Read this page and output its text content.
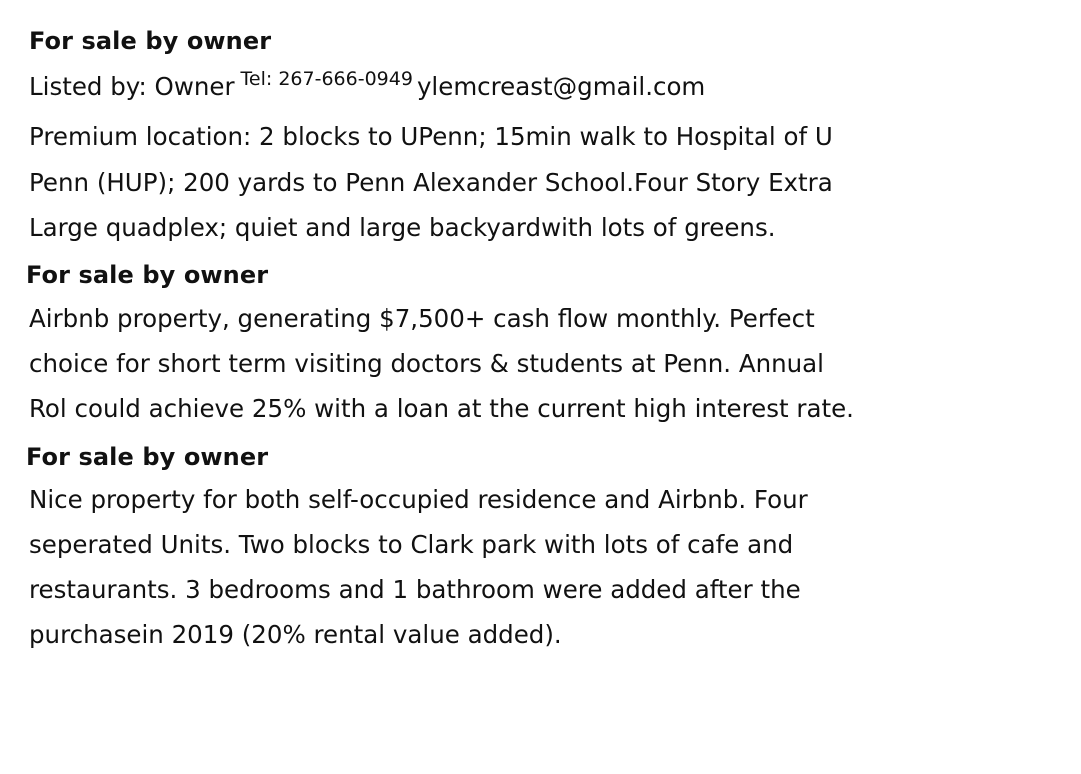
For sale by owner
Listed by: Owner Tel: 267-666-0949 ylemcreast@gmail.com
Premium location: 2 blocks to UPenn; 15min walk to Hospital of U
Penn (HUP); 200 yards to Penn Alexander School.Four Story Extra
Large quadplex; quiet and large backyardwith lots of greens.
For sale by owner
Airbnb property, generating $7,500+ cash flow monthly. Perfect
choice for short term visiting doctors & students at Penn. Annual
Rol could achieve 25% with a loan at the current high interest rate.
For sale by owner
Nice property for both self-occupied residence and Airbnb. Four
seperated Units. Two blocks to Clark park with lots of cafe and
restaurants. 3 bedrooms and 1 bathroom were added after the
purchasein 2019 (20% rental value added).
